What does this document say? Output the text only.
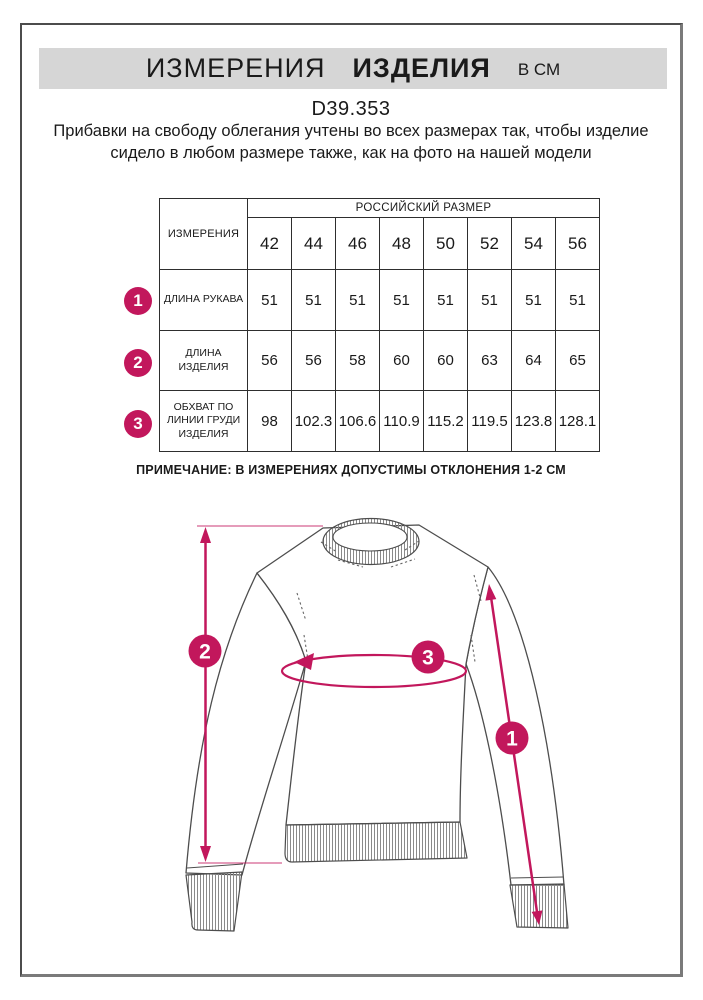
ИЗМЕРЕНИЯ ИЗДЕЛИЯ В СМ
D39.353
Прибавки на свободу облегания учтены во всех размерах так, чтобы изделие сидело в любом размере также, как на фото на нашей модели
ИЗМЕРЕНИЯ	РОССИЙСКИЙ РАЗМЕР							
	42	44	46	48	50	52	54	56
ДЛИНА РУКАВА	51	51	51	51	51	51	51	51
ДЛИНА ИЗДЕЛИЯ	56	56	58	60	60	63	64	65
ОБХВАТ ПО ЛИНИИ ГРУДИ ИЗДЕЛИЯ	98	102.3	106.6	110.9	115.2	119.5	123.8	128.1
1
2
3
ПРИМЕЧАНИЕ: В ИЗМЕРЕНИЯХ ДОПУСТИМЫ ОТКЛОНЕНИЯ 1-2 СМ
1
2	3
